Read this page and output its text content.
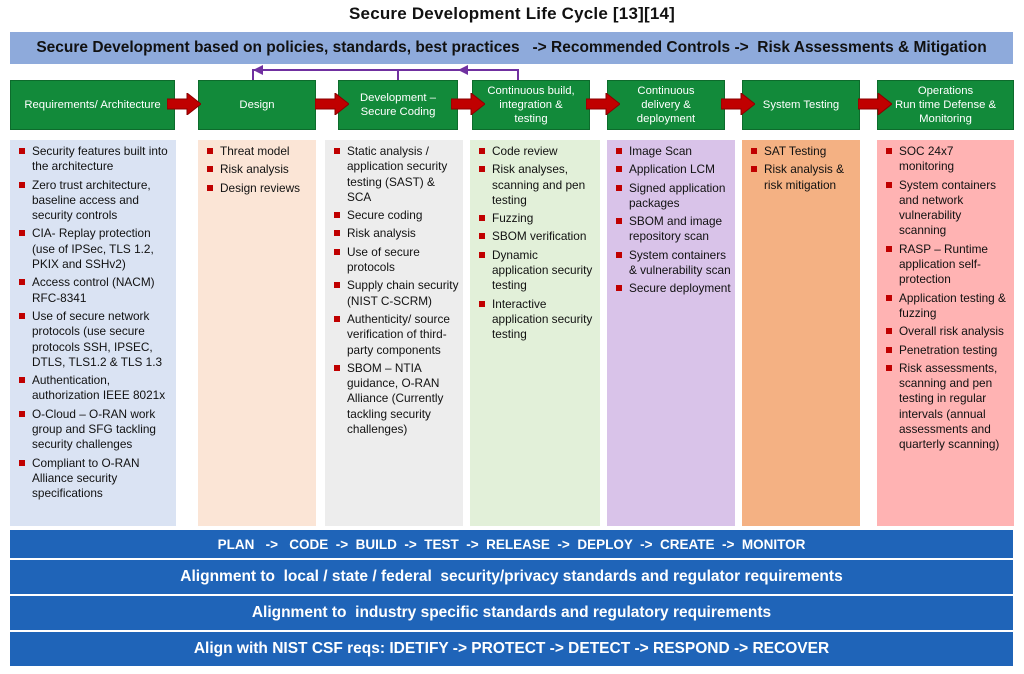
Secure Development Life Cycle [13][14]
Secure Development based on policies, standards, best practices   -> Recommended Controls ->  Risk Assessments & Mitigation
Requirements/ Architecture
Security features built into the architecture
Zero trust architecture, baseline access and security controls
CIA- Replay protection (use of IPSec, TLS 1.2, PKIX and SSHv2)
Access control (NACM) RFC-8341
Use of secure network protocols (use secure protocols SSH, IPSEC, DTLS, TLS1.2 & TLS 1.3
Authentication, authorization IEEE 8021x
O-Cloud – O-RAN work group and SFG tackling security challenges
Compliant to O-RAN Alliance security specifications
Design
Threat model
Risk analysis
Design reviews
Development –
Secure Coding
Static analysis / application security testing (SAST) & SCA
Secure coding
Risk analysis
Use of secure protocols
Supply chain security (NIST C-SCRM)
Authenticity/ source verification of third-party components
SBOM – NTIA guidance, O-RAN Alliance (Currently tackling security challenges)
Continuous build,
integration &
testing
Code review
Risk analyses, scanning and pen testing
Fuzzing
SBOM verification
Dynamic application security testing
Interactive application security testing
Continuous
delivery &
deployment
Image Scan
Application LCM
Signed application packages
SBOM and image repository scan
System containers & vulnerability scan
Secure deployment
System Testing
SAT Testing
Risk analysis & risk mitigation
Operations
Run time Defense &
Monitoring
SOC 24x7 monitoring
System containers and network vulnerability scanning
RASP – Runtime application self-protection
Application testing & fuzzing
Overall risk analysis
Penetration testing
Risk assessments, scanning and pen testing in regular intervals (annual assessments and quarterly scanning)
PLAN   ->   CODE  ->  BUILD  ->  TEST  ->  RELEASE  ->  DEPLOY  ->  CREATE  ->  MONITOR
Alignment to  local / state / federal  security/privacy standards and regulator requirements
Alignment to  industry specific standards and regulatory requirements
Align with NIST CSF reqs: IDETIFY -> PROTECT -> DETECT -> RESPOND -> RECOVER
